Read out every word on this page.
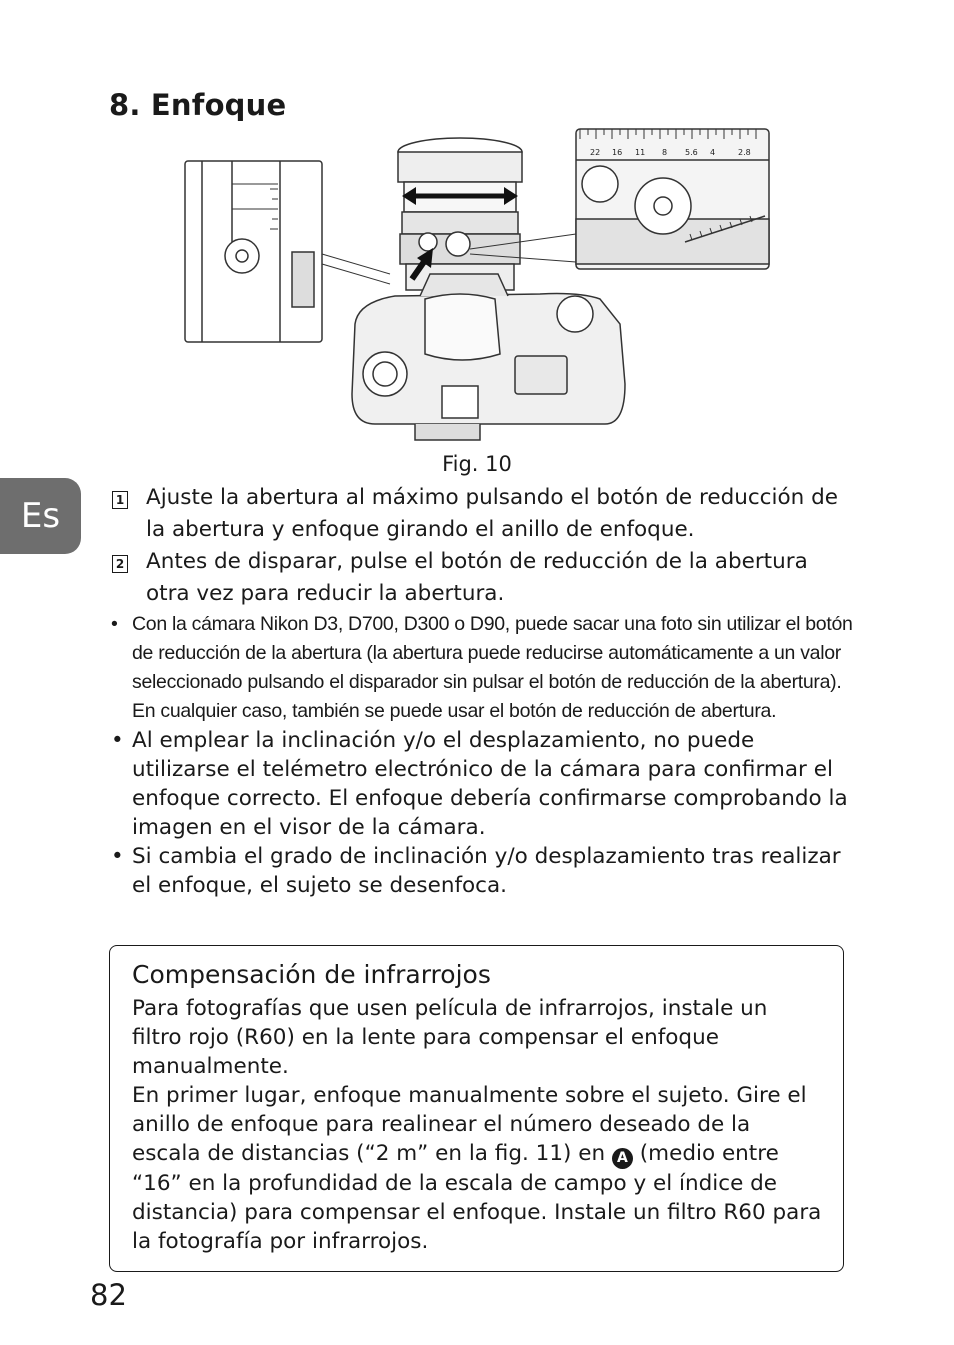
8. Enfoque
22 16 11 8 5.6 4	2.8
Fig. 10
Es	1 Ajuste la abertura al máximo pulsando el botón de reducción de la abertura y enfoque girando el anillo de enfoque.
2 Antes de disparar, pulse el botón de reducción de la abertura otra vez para reducir la abertura.
• Con la cámara Nikon D3, D700, D300 o D90, puede sacar una foto sin utilizar el botón de reducción de la abertura (la abertura puede reducirse automáticamente a un valor seleccionado pulsando el disparador sin pulsar el botón de reducción de la abertura). En cualquier caso, también se puede usar el botón de reducción de abertura.
• Al emplear la inclinación y/o el desplazamiento, no puede utilizarse el telémetro electrónico de la cámara para confirmar el enfoque correcto. El enfoque debería confirmarse comprobando la imagen en el visor de la cámara.
• Si cambia el grado de inclinación y/o desplazamiento tras realizar el enfoque, el sujeto se desenfoca.
Compensación de infrarrojos

Para fotografías que usen película de infrarrojos, instale un filtro rojo (R60) en la lente para compensar el enfoque manualmente.

En primer lugar, enfoque manualmente sobre el sujeto. Gire el anillo de enfoque para realinear el número deseado de la escala de distancias (“2 m” en la fig. 11) en A (medio entre “16” en la profundidad de la escala de campo y el índice de distancia) para compensar el enfoque. Instale un filtro R60 para la fotografía por infrarrojos.

82
